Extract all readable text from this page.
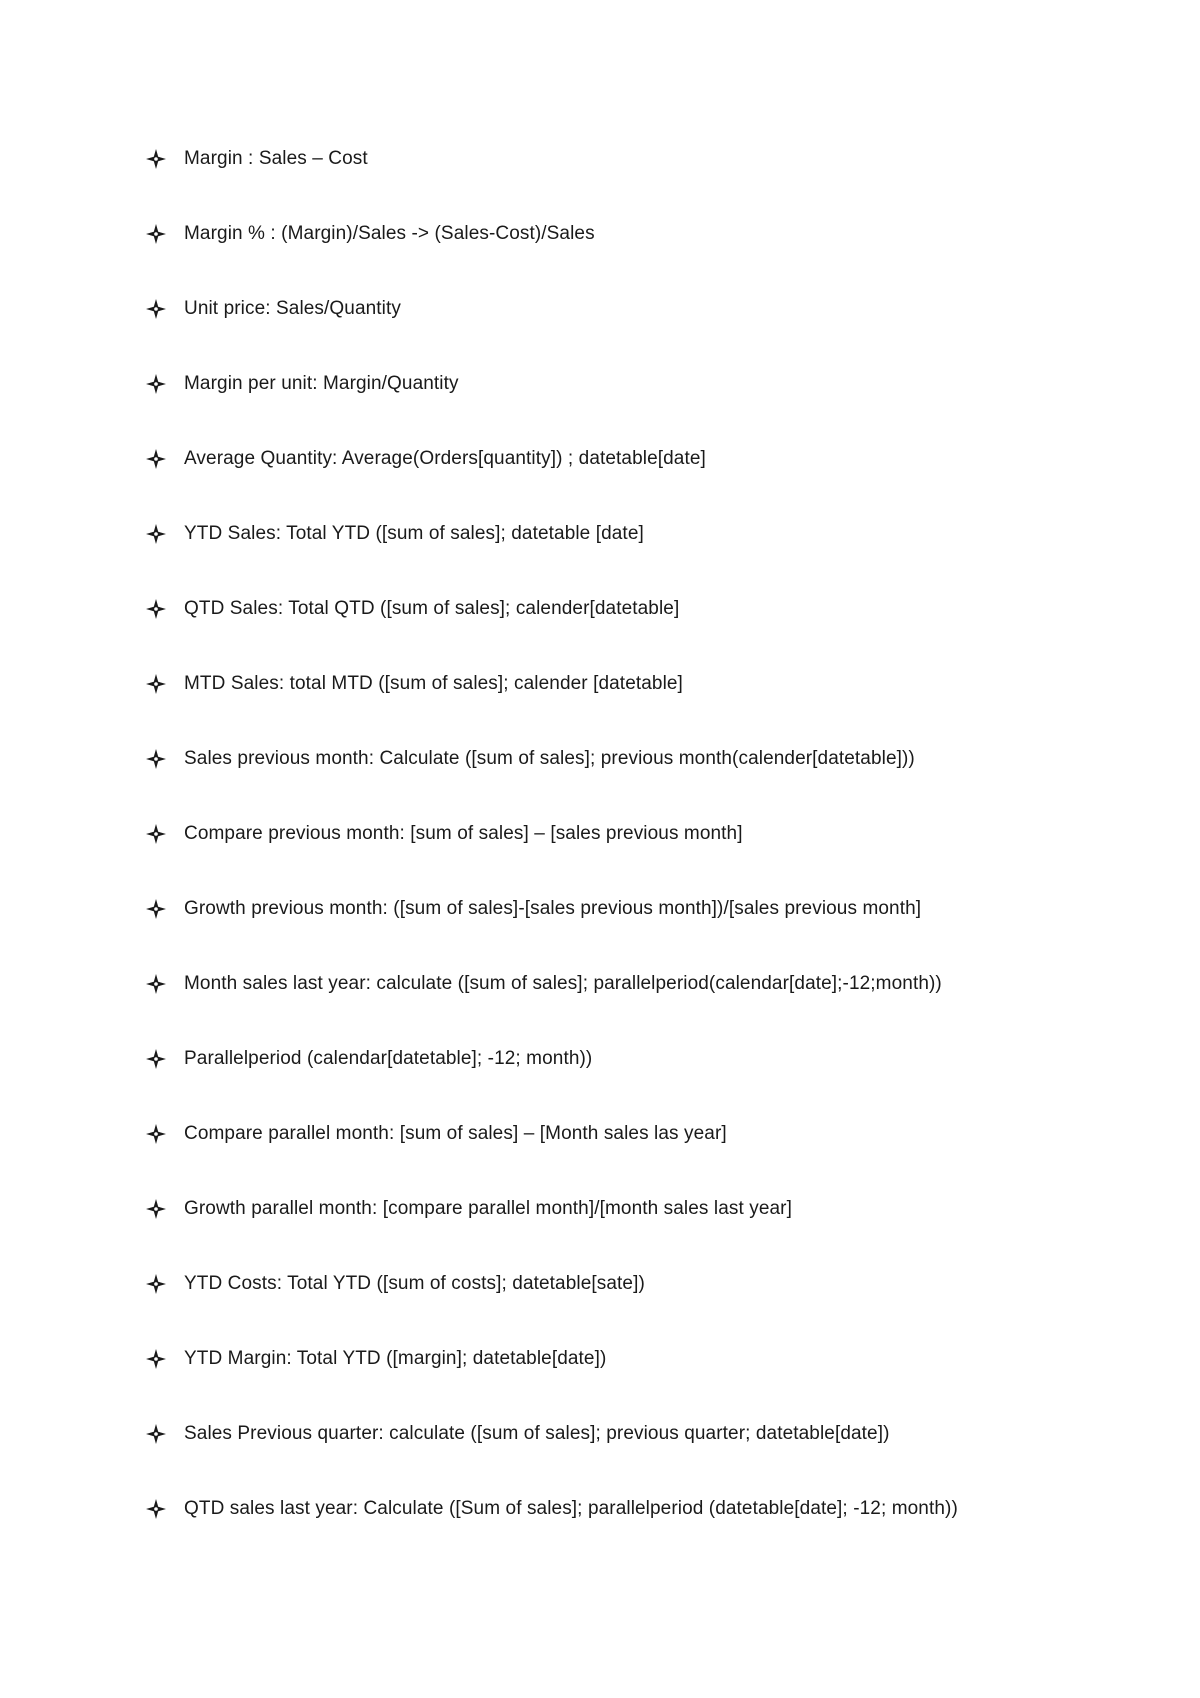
Margin : Sales – Cost
Margin % : (Margin)/Sales -> (Sales-Cost)/Sales
Unit price: Sales/Quantity
Margin per unit: Margin/Quantity
Average Quantity: Average(Orders[quantity]) ; datetable[date]
YTD Sales: Total YTD ([sum of sales]; datetable [date]
QTD Sales: Total QTD ([sum of sales]; calender[datetable]
MTD Sales: total MTD ([sum of sales]; calender [datetable]
Sales previous month: Calculate ([sum of sales]; previous month(calender[datetable]))
Compare previous month: [sum of sales] – [sales previous month]
Growth previous month: ([sum of sales]-[sales previous month])/[sales previous month]
Month sales last year: calculate ([sum of sales]; parallelperiod(calendar[date];-12;month))
Parallelperiod (calendar[datetable]; -12; month))
Compare parallel month: [sum of sales] – [Month sales las year]
Growth parallel month: [compare parallel month]/[month sales last year]
YTD Costs: Total YTD ([sum of costs]; datetable[sate])
YTD Margin: Total YTD ([margin]; datetable[date])
Sales Previous quarter: calculate ([sum of sales]; previous quarter; datetable[date])
QTD sales last year: Calculate ([Sum of sales]; parallelperiod (datetable[date]; -12; month))
